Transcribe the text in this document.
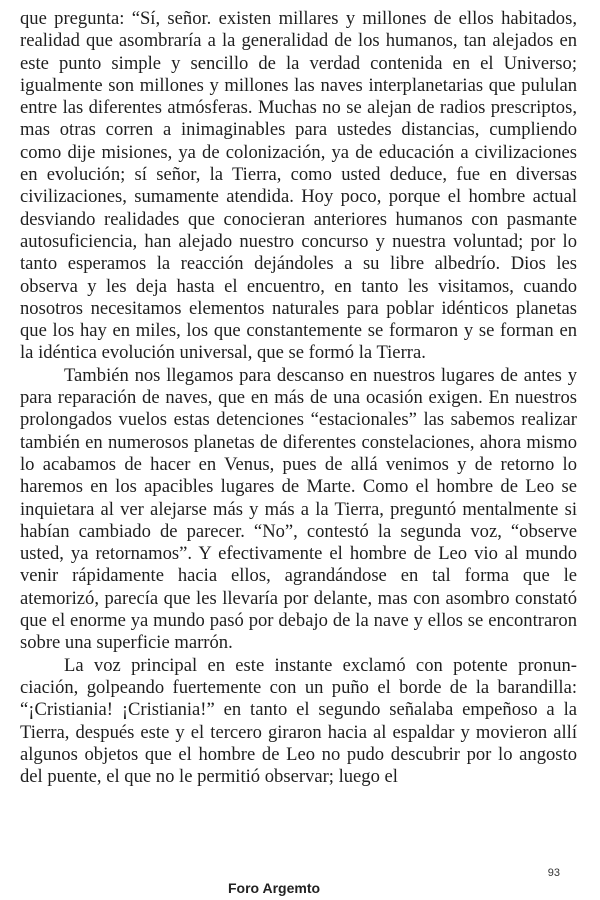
que pregunta: “Sí, señor. existen millares y millones de ellos habitados, realidad que asombraría a la generalidad de los humanos, tan alejados en este punto simple y sencillo de la verdad contenida en el Universo; igualmente son millones y millones las naves interplanetarias que pululan entre las diferentes atmósferas. Muchas no se alejan de radios prescriptos, mas otras corren a inimaginables para ustedes distancias, cumpliendo como dije misiones, ya de colonización, ya de educación a civilizaciones en evolución; sí señor, la Tierra, como usted deduce, fue en diversas civilizaciones, sumamente atendida. Hoy poco, porque el hombre actual desviando realidades que conocieran anteriores humanos con pasmante autosuficiencia, han alejado nuestro concurso y nuestra voluntad; por lo tanto esperamos la reacción dejándoles a su libre albedrío. Dios les observa y les deja hasta el encuentro, en tanto les visitamos, cuando nosotros necesitamos elementos naturales para poblar idénticos planetas que los hay en miles, los que constantemente se formaron y se forman en la idéntica evolución universal, que se formó la Tierra.

También nos llegamos para descanso en nuestros lugares de antes y para reparación de naves, que en más de una ocasión exigen. En nuestros prolongados vuelos estas detenciones “estacionales” las sabemos realizar también en numerosos planetas de diferentes constelaciones, ahora mismo lo acabamos de hacer en Venus, pues de allá venimos y de retorno lo haremos en los apacibles lugares de Marte. Como el hombre de Leo se inquietara al ver alejarse más y más a la Tierra, preguntó mentalmente si habían cambiado de parecer. “No”, contestó la segunda voz, “observe usted, ya retornamos”. Y efectivamente el hombre de Leo vio al mundo venir rápidamente hacia ellos, agrandándose en tal forma que le atemorizó, parecía que les llevaría por delante, mas con asombro constató que el enorme ya mundo pasó por debajo de la nave y ellos se encontraron sobre una superficie marrón.

La voz principal en este instante exclamó con potente pronunciación, golpeando fuertemente con un puño el borde de la barandilla: “¡Cristiania! ¡Cristiania!” en tanto el segundo señalaba empeñoso a la Tierra, después este y el tercero giraron hacia al espaldar y movieron allí algunos objetos que el hombre de Leo no pudo descubrir por lo angosto del puente, el que no le permitió observar; luego el

93
Foro Argemto
